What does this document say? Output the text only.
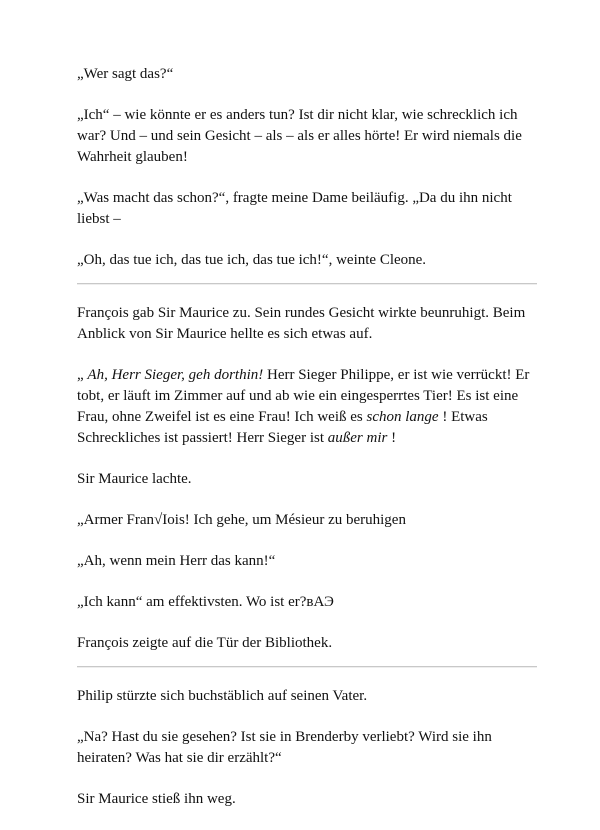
„Wer sagt das?“

„Ich“ – wie könnte er es anders tun? Ist dir nicht klar, wie schrecklich ich war? Und – und sein Gesicht – als – als er alles hörte! Er wird niemals die Wahrheit glauben!

„Was macht das schon?“, fragte meine Dame beiläufig. „Da du ihn nicht liebst –

„Oh, das tue ich, das tue ich, das tue ich!“, weinte Cleone.

François gab Sir Maurice zu. Sein rundes Gesicht wirkte beunruhigt. Beim Anblick von Sir Maurice hellte es sich etwas auf.

„ Ah, Herr Sieger, geh dorthin! Herr Sieger Philippe, er ist wie verrückt! Er tobt, er läuft im Zimmer auf und ab wie ein eingesperrtes Tier! Es ist eine Frau, ohne Zweifel ist es eine Frau! Ich weiß es schon lange ! Etwas Schreckliches ist passiert! Herr Sieger ist außer mir !

Sir Maurice lachte.

„Armer Fran√Iois! Ich gehe, um Mésieur zu beruhigen

„Ah, wenn mein Herr das kann!“

„Ich kann“ am effektivsten. Wo ist er?вАЭ

François zeigte auf die Tür der Bibliothek.

Philip stürzte sich buchstäblich auf seinen Vater.

„Na? Hast du sie gesehen? Ist sie in Brenderby verliebt? Wird sie ihn heiraten? Was hat sie dir erzählt?“

Sir Maurice stieß ihn weg.
